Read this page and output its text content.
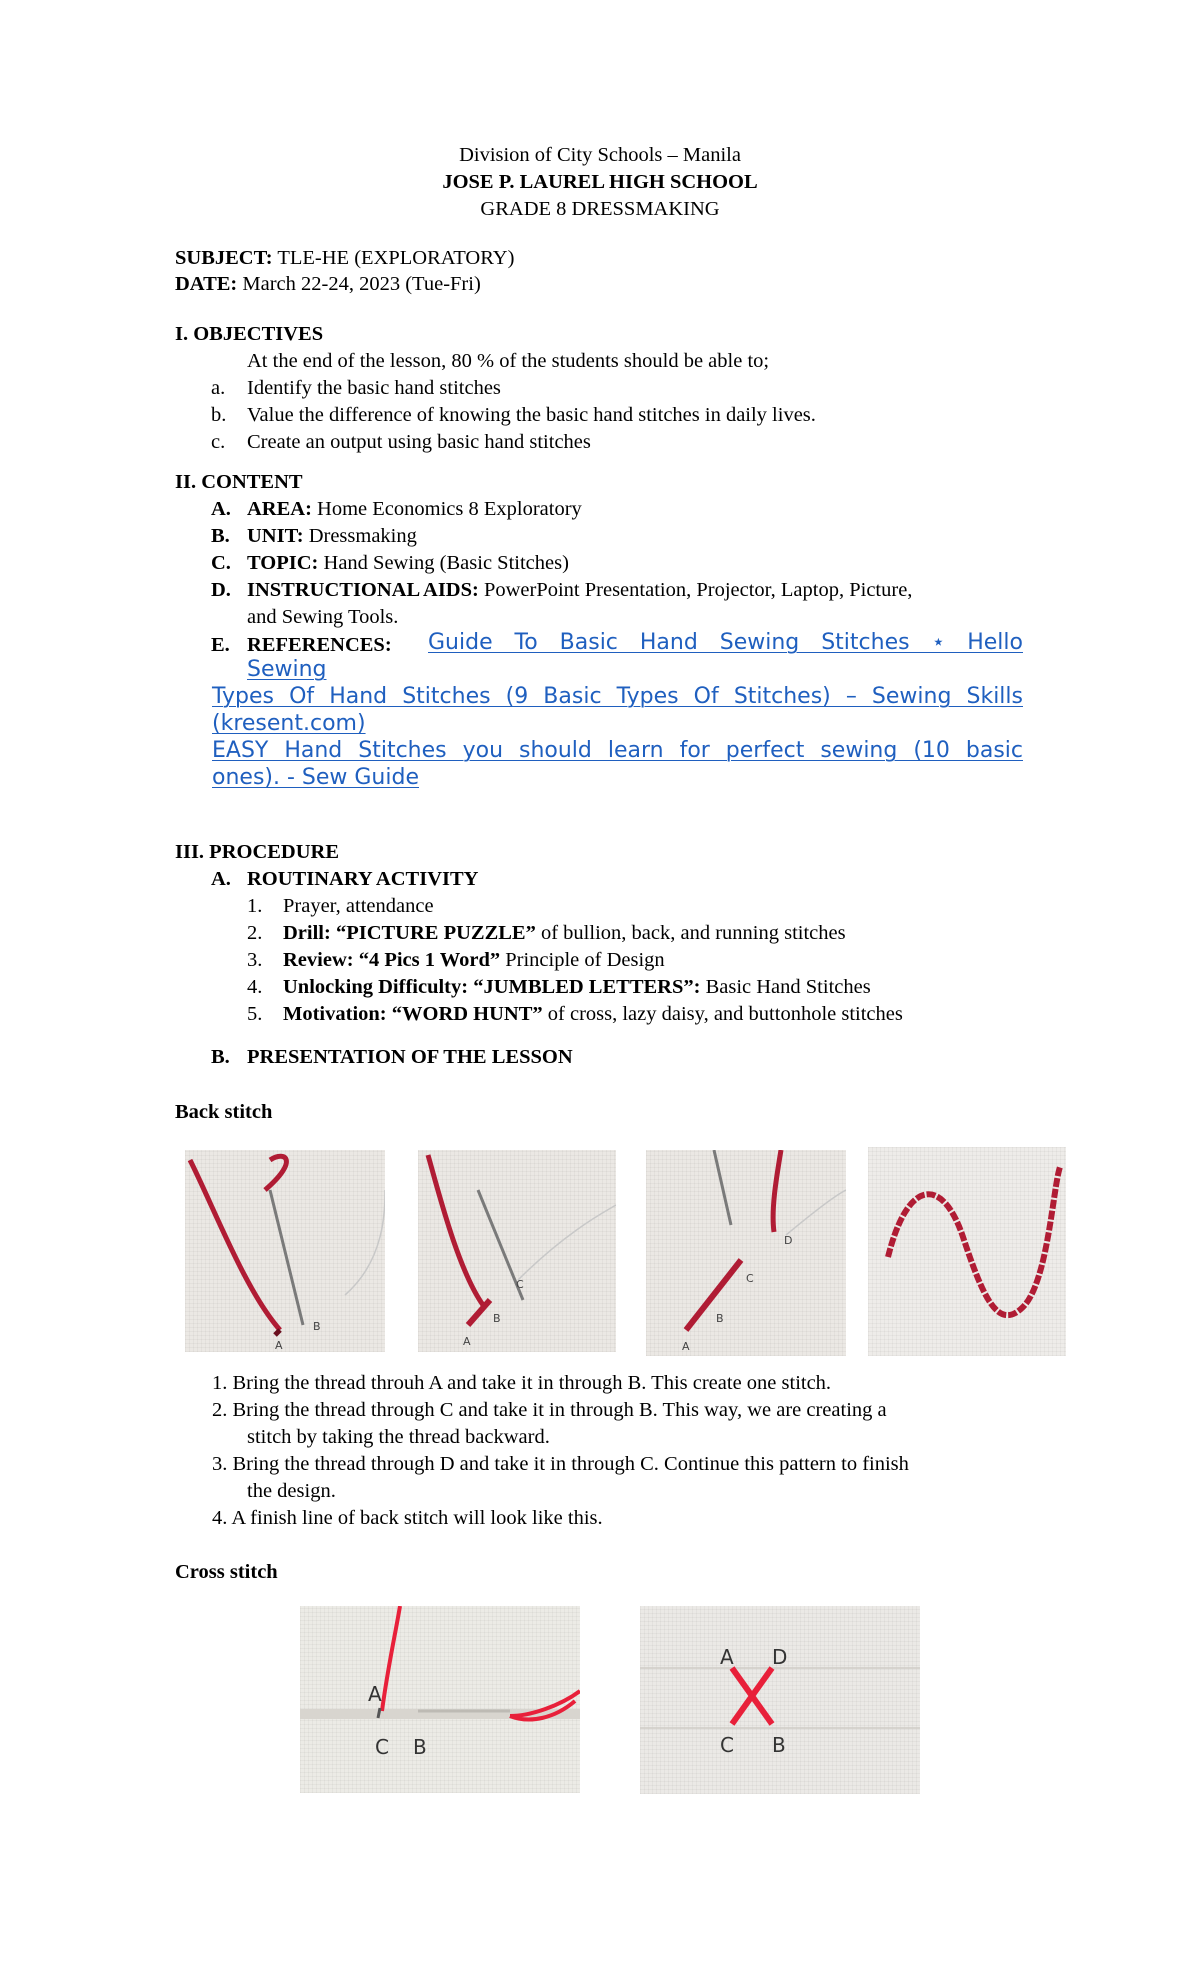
Division of City Schools – Manila
JOSE P. LAUREL HIGH SCHOOL
GRADE 8 DRESSMAKING
SUBJECT: TLE-HE (EXPLORATORY)
DATE: March 22-24, 2023 (Tue-Fri)
I. OBJECTIVES
At the end of the lesson, 80 % of the students should be able to;
a. Identify the basic hand stitches
b. Value the difference of knowing the basic hand stitches in daily lives.
c. Create an output using basic hand stitches
II. CONTENT
A. AREA: Home Economics 8 Exploratory
B. UNIT: Dressmaking
C. TOPIC: Hand Sewing (Basic Stitches)
D. INSTRUCTIONAL AIDS: PowerPoint Presentation, Projector, Laptop, Picture,
and Sewing Tools.
E. REFERENCES: Guide To Basic Hand Sewing Stitches ⋆ Hello
Sewing
Types Of Hand Stitches (9 Basic Types Of Stitches) – Sewing Skills
(kresent.com)
EASY Hand Stitches you should learn for perfect sewing (10 basic
ones). - Sew Guide
III. PROCEDURE
A. ROUTINARY ACTIVITY
1. Prayer, attendance
2. Drill: “PICTURE PUZZLE” of bullion, back, and running stitches
3. Review: “4 Pics 1 Word” Principle of Design
4. Unlocking Difficulty: “JUMBLED LETTERS”: Basic Hand Stitches
5. Motivation: “WORD HUNT” of cross, lazy daisy, and buttonhole stitches
B. PRESENTATION OF THE LESSON
Back stitch
A
B
A
B
C
A
B
C
D
1. Bring the thread throuh A and take it in through B. This create one stitch.
2. Bring the thread through C and take it in through B. This way, we are creating a
stitch by taking the thread backward.
3. Bring the thread through D and take it in through C. Continue this pattern to finish
the design.
4. A finish line of back stitch will look like this.
Cross stitch
A
C B
A D
C B
